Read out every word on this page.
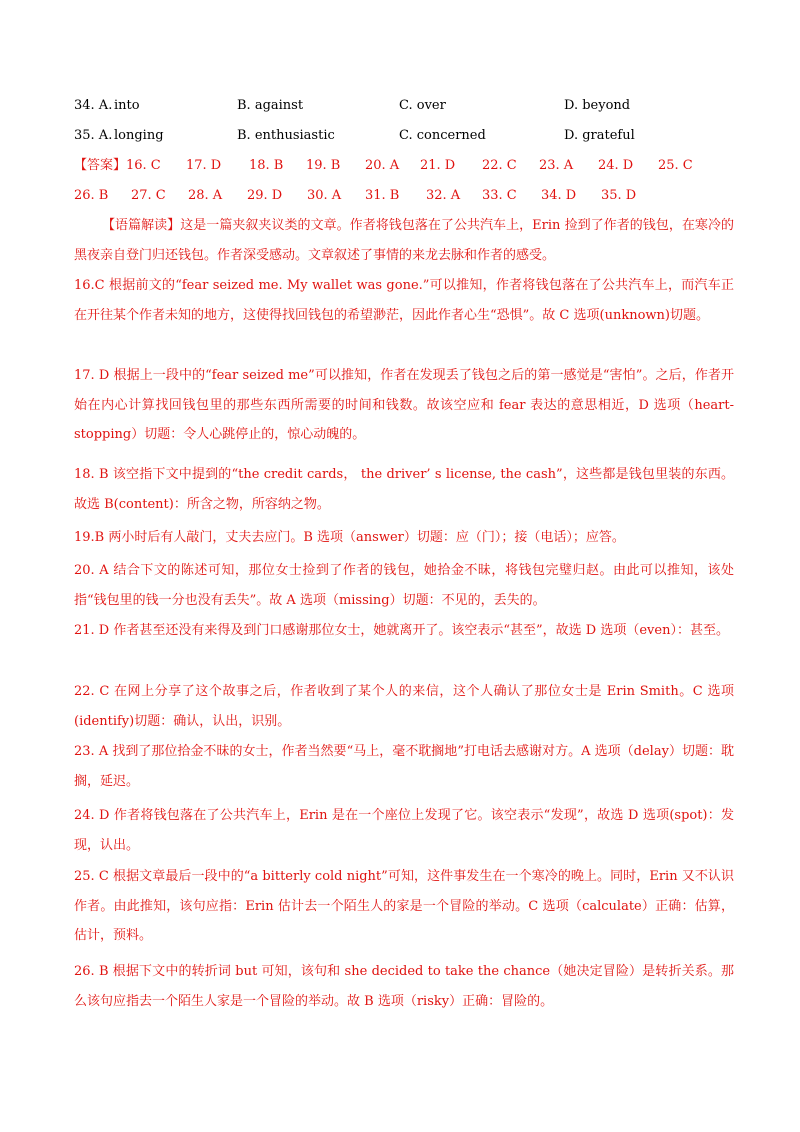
34. A. into	B. against	C. over	D. beyond
35. A. longing	B. enthusiastic	C. concerned	D. grateful
【答案】16. C 17. D 18. B 19. B 20. A 21. D 22. C 23. A 24. D 25. C
26. B 27. C 28. A 29. D 30. A 31. B 32. A 33. C 34. D 35. D

【语篇解读】这是一篇夹叙夹议类的文章。作者将钱包落在了公共汽车上，Erin 捡到了作者的钱包，在寒冷的黑夜亲自登门归还钱包。作者深受感动。文章叙述了事情的来龙去脉和作者的感受。

16.C 根据前文的“fear seized me. My wallet was gone.”可以推知，作者将钱包落在了公共汽车上，而汽车正在开往某个作者未知的地方，这使得找回钱包的希望渺茫，因此作者心生“恐惧”。故 C 选项(unknown)切题。

17. D 根据上一段中的“fear seized me”可以推知，作者在发现丢了钱包之后的第一感觉是“害怕”。之后，作者开始在内心计算找回钱包里的那些东西所需要的时间和钱数。故该空应和 fear 表达的意思相近，D 选项（heart-stopping）切题：令人心跳停止的，惊心动魄的。

18. B 该空指下文中提到的“the credit cards， the driver’ s license, the cash”，这些都是钱包里装的东西。故选 B(content)：所含之物，所容纳之物。

19.B 两小时后有人敲门，丈夫去应门。B 选项（answer）切题：应（门）；接（电话）；应答。

20. A 结合下文的陈述可知，那位女士捡到了作者的钱包，她拾金不昧，将钱包完璧归赵。由此可以推知，该处指“钱包里的钱一分也没有丢失”。故 A 选项（missing）切题：不见的，丢失的。

21. D 作者甚至还没有来得及到门口感谢那位女士，她就离开了。该空表示“甚至”，故选 D 选项（even）：甚至。

22. C 在网上分享了这个故事之后，作者收到了某个人的来信，这个人确认了那位女士是 Erin Smith。C 选项(identify)切题：确认，认出，识别。

23. A 找到了那位拾金不昧的女士，作者当然要“马上，毫不耽搁地”打电话去感谢对方。A 选项（delay）切题：耽搁，延迟。

24. D 作者将钱包落在了公共汽车上，Erin 是在一个座位上发现了它。该空表示“发现”，故选 D 选项(spot)：发现，认出。

25. C 根据文章最后一段中的“a bitterly cold night”可知，这件事发生在一个寒冷的晚上。同时，Erin 又不认识作者。由此推知，该句应指：Erin 估计去一个陌生人的家是一个冒险的举动。C 选项（calculate）正确：估算，估计，预料。

26. B 根据下文中的转折词 but 可知，该句和 she decided to take the chance（她决定冒险）是转折关系。那么该句应指去一个陌生人家是一个冒险的举动。故 B 选项（risky）正确：冒险的。
